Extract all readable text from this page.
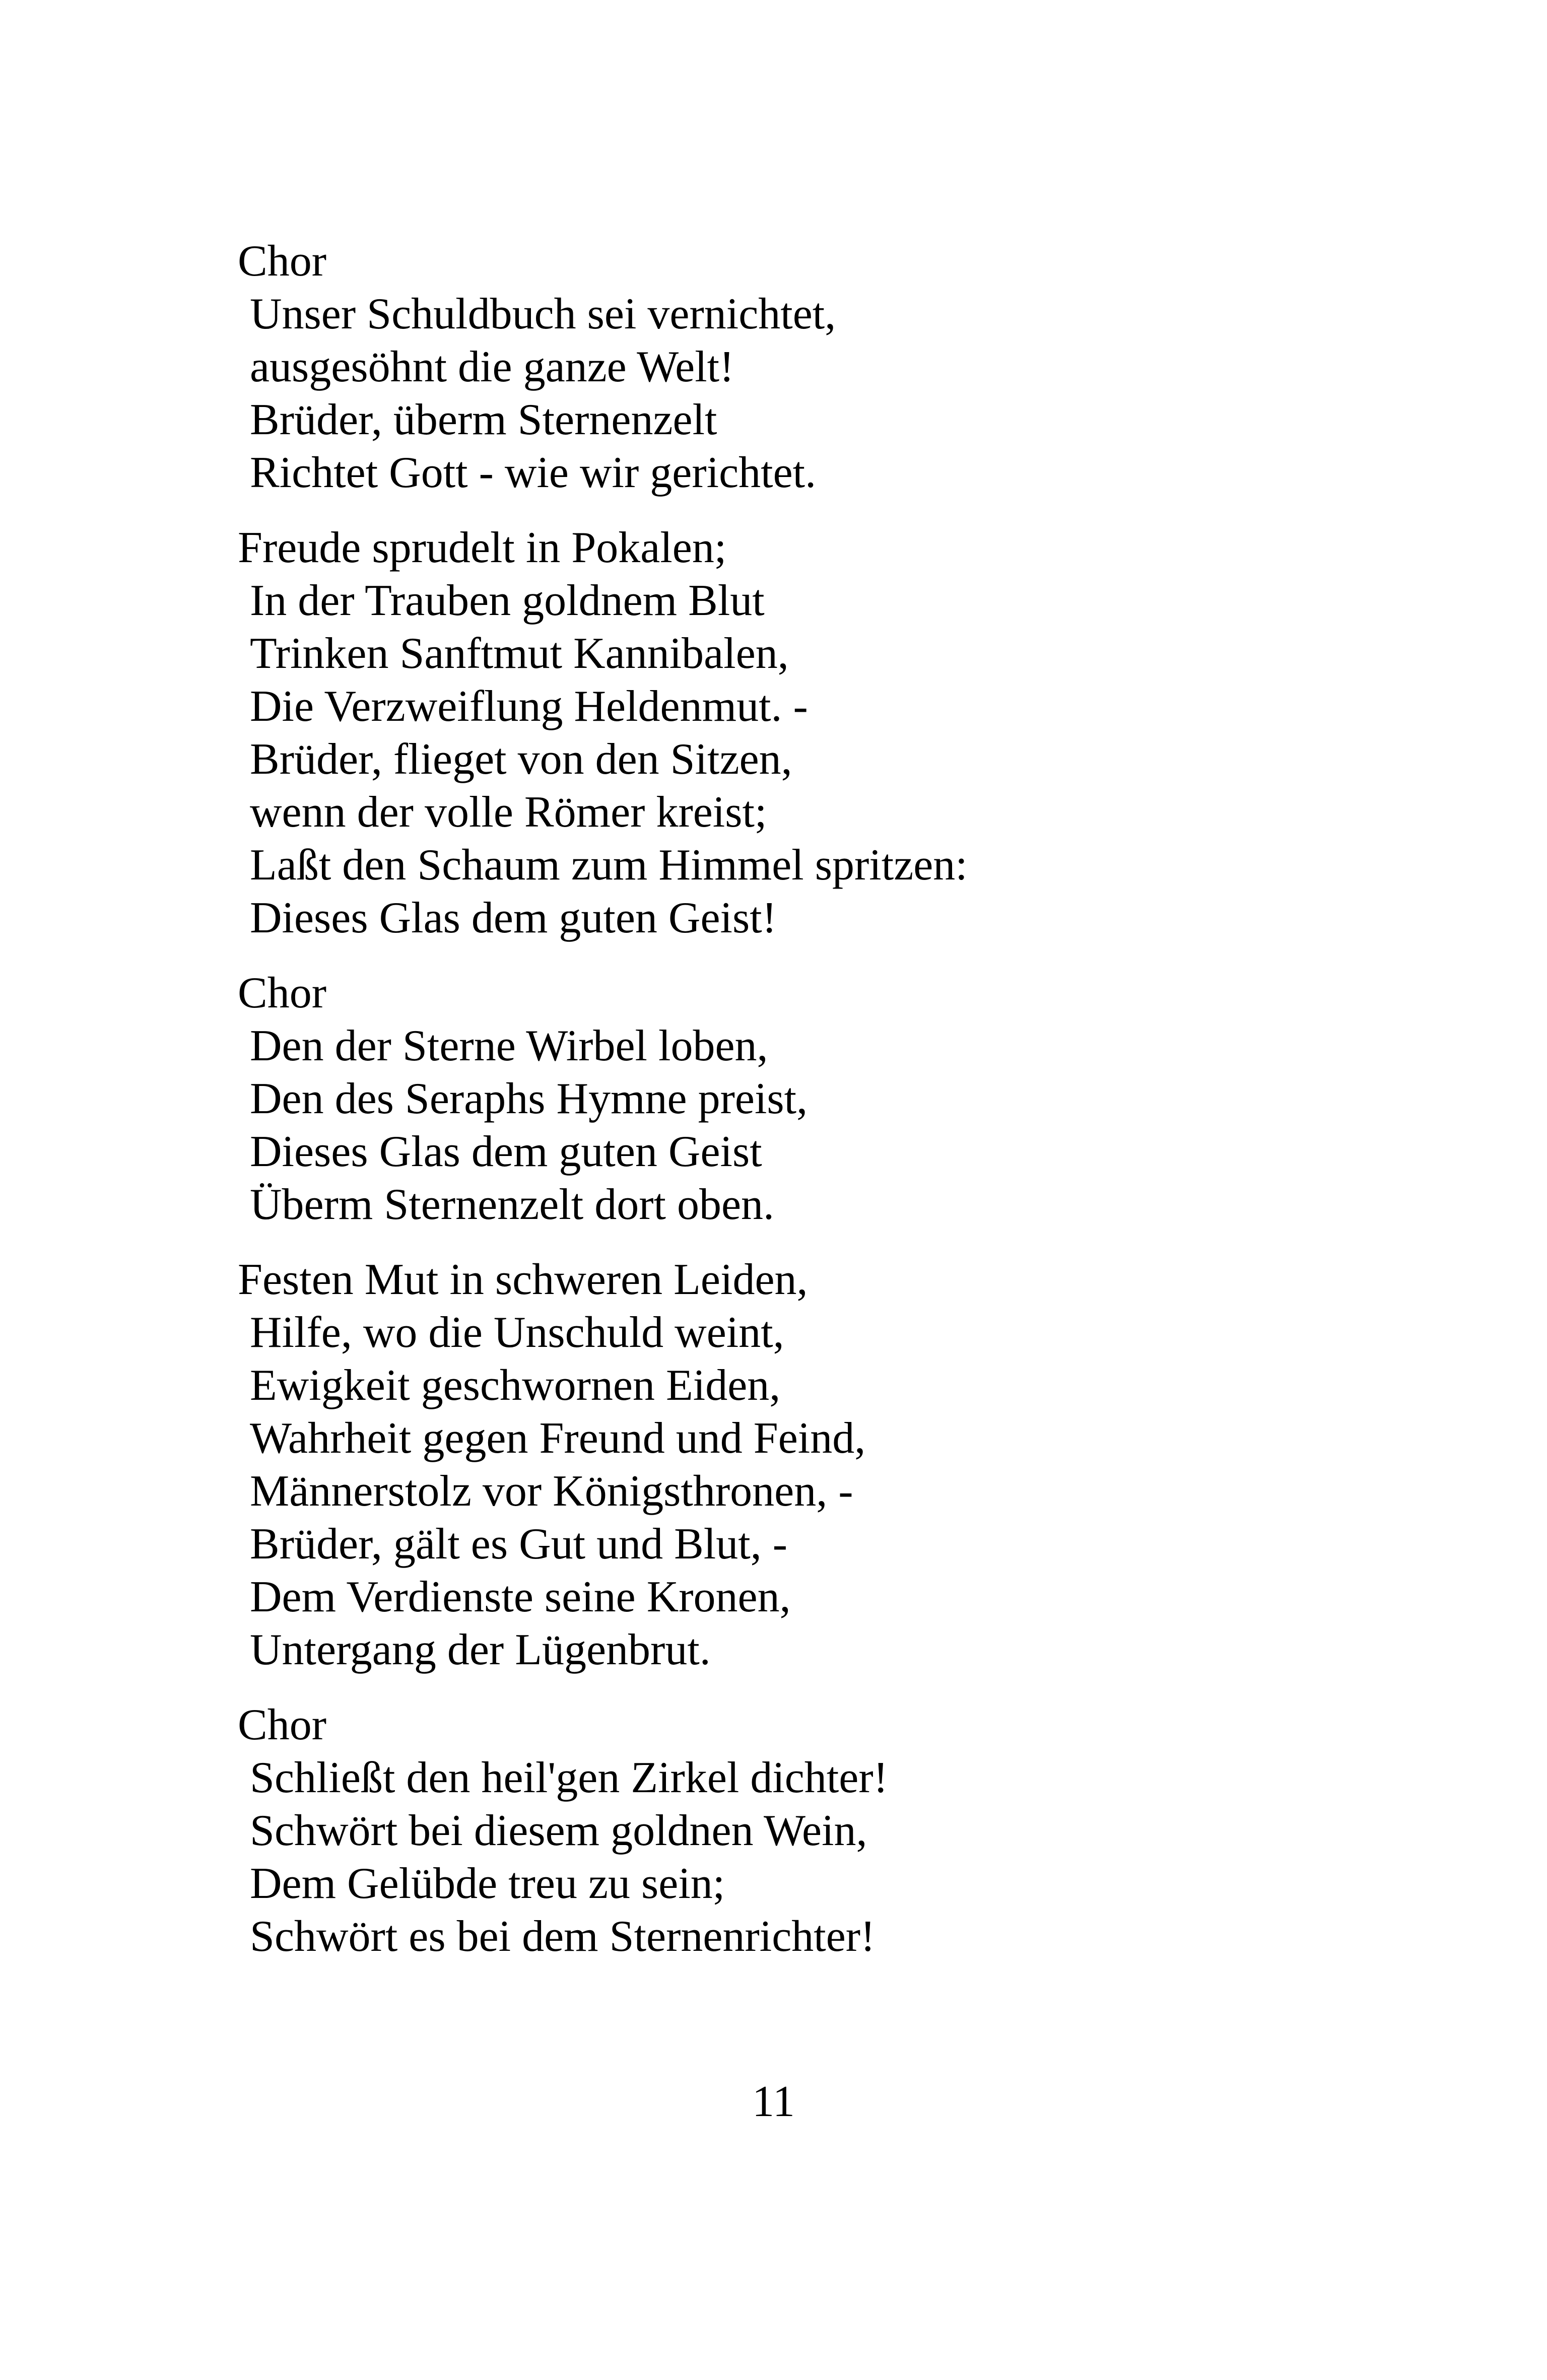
Chor
Unser Schuldbuch sei vernichtet,
ausgesöhnt die ganze Welt!
Brüder, überm Sternenzelt
Richtet Gott - wie wir gerichtet.
Freude sprudelt in Pokalen;
In der Trauben goldnem Blut
Trinken Sanftmut Kannibalen,
Die Verzweiflung Heldenmut. -
Brüder, flieget von den Sitzen,
wenn der volle Römer kreist;
Laßt den Schaum zum Himmel spritzen:
Dieses Glas dem guten Geist!
Chor
Den der Sterne Wirbel loben,
Den des Seraphs Hymne preist,
Dieses Glas dem guten Geist
Überm Sternenzelt dort oben.
Festen Mut in schweren Leiden,
Hilfe, wo die Unschuld weint,
Ewigkeit geschwornen Eiden,
Wahrheit gegen Freund und Feind,
Männerstolz vor Königsthronen, -
Brüder, gält es Gut und Blut, -
Dem Verdienste seine Kronen,
Untergang der Lügenbrut.
Chor
Schließt den heil'gen Zirkel dichter!
Schwört bei diesem goldnen Wein,
Dem Gelübde treu zu sein;
Schwört es bei dem Sternenrichter!
11
